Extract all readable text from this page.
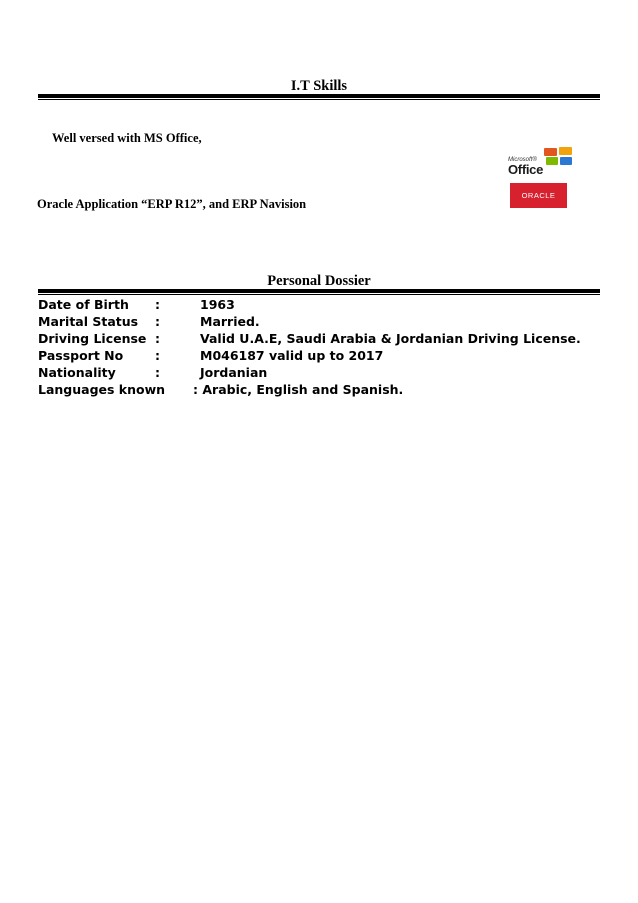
I.T Skills
Well versed with MS Office,
Microsoft®
Office
ORACLE
Oracle Application “ERP R12”, and ERP Navision
Personal Dossier
Date of Birth :	1963
Marital Status :	Married.
Driving License :	Valid U.A.E, Saudi Arabia & Jordanian Driving License.
Passport No	:	M046187 valid up to 2017
Nationality	:	Jordanian
Languages known : Arabic, English and Spanish.
